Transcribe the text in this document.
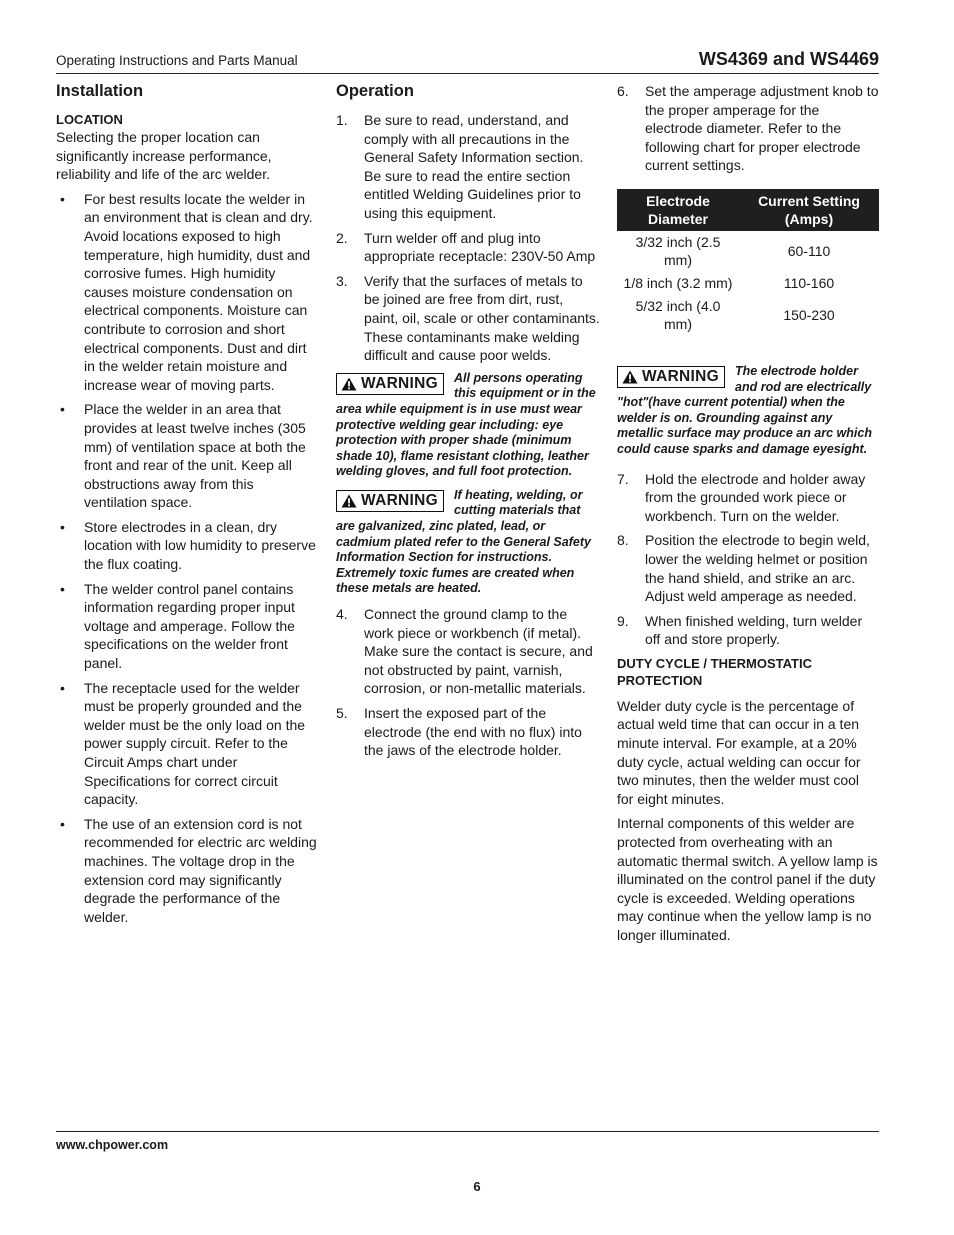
Operating Instructions and Parts Manual	WS4369 and WS4469
Installation
LOCATION

Selecting the proper location can significantly increase performance, reliability and life of the arc welder.

• For best results locate the welder in an environment that is clean and dry. Avoid locations exposed to high temperature, high humidity, dust and corrosive fumes. High humidity causes moisture condensation on electrical components. Moisture can contribute to corrosion and short electrical components. Dust and dirt in the welder retain moisture and increase wear of moving parts.
• Place the welder in an area that provides at least twelve inches (305 mm) of ventilation space at both the front and rear of the unit. Keep all obstructions away from this ventilation space.
• Store electrodes in a clean, dry location with low humidity to preserve the flux coating.
• The welder control panel contains information regarding proper input voltage and amperage. Follow the specifications on the welder front panel.
• The receptacle used for the welder must be properly grounded and the welder must be the only load on the power supply circuit. Refer to the Circuit Amps chart under Specifications for correct circuit capacity.
• The use of an extension cord is not recommended for electric arc welding machines. The voltage drop in the extension cord may significantly degrade the performance of the welder.
Operation
1. Be sure to read, understand, and comply with all precautions in the General Safety Information section. Be sure to read the entire section entitled Welding Guidelines prior to using this equipment.
2. Turn welder off and plug into appropriate receptacle: 230V-50 Amp
3. Verify that the surfaces of metals to be joined are free from dirt, rust, paint, oil, scale or other contaminants. These contaminants make welding difficult and cause poor welds.
WARNING All persons operating this equipment or in the area while equipment is in use must wear protective welding gear including: eye protection with proper shade (minimum shade 10), flame resistant clothing, leather welding gloves, and full foot protection.
WARNING If heating, welding, or cutting materials that are galvanized, zinc plated, lead, or cadmium plated refer to the General Safety Information Section for instructions. Extremely toxic fumes are created when these metals are heated.
4. Connect the ground clamp to the work piece or workbench (if metal). Make sure the contact is secure, and not obstructed by paint, varnish, corrosion, or non-metallic materials.
5. Insert the exposed part of the electrode (the end with no flux) into the jaws of the electrode holder.
6. Set the amperage adjustment knob to the proper amperage for the electrode diameter. Refer to the following chart for proper electrode current settings.
Electrode Diameter	Current Setting (Amps)
3/32 inch (2.5 mm)	60-110
1/8 inch (3.2 mm)	110-160
5/32 inch (4.0 mm)	150-230
WARNING The electrode holder and rod are electrically "hot"(have current potential) when the welder is on. Grounding against any metallic surface may produce an arc which could cause sparks and damage eyesight.
7. Hold the electrode and holder away from the grounded work piece or workbench. Turn on the welder.
8. Position the electrode to begin weld, lower the welding helmet or position the hand shield, and strike an arc. Adjust weld amperage as needed.
9. When finished welding, turn welder off and store properly.
DUTY CYCLE / THERMOSTATIC PROTECTION

Welder duty cycle is the percentage of actual weld time that can occur in a ten minute interval. For example, at a 20% duty cycle, actual welding can occur for two minutes, then the welder must cool for eight minutes.

Internal components of this welder are protected from overheating with an automatic thermal switch. A yellow lamp is illuminated on the control panel if the duty cycle is exceeded. Welding operations may continue when the yellow lamp is no longer illuminated.

www.chpower.com
6
